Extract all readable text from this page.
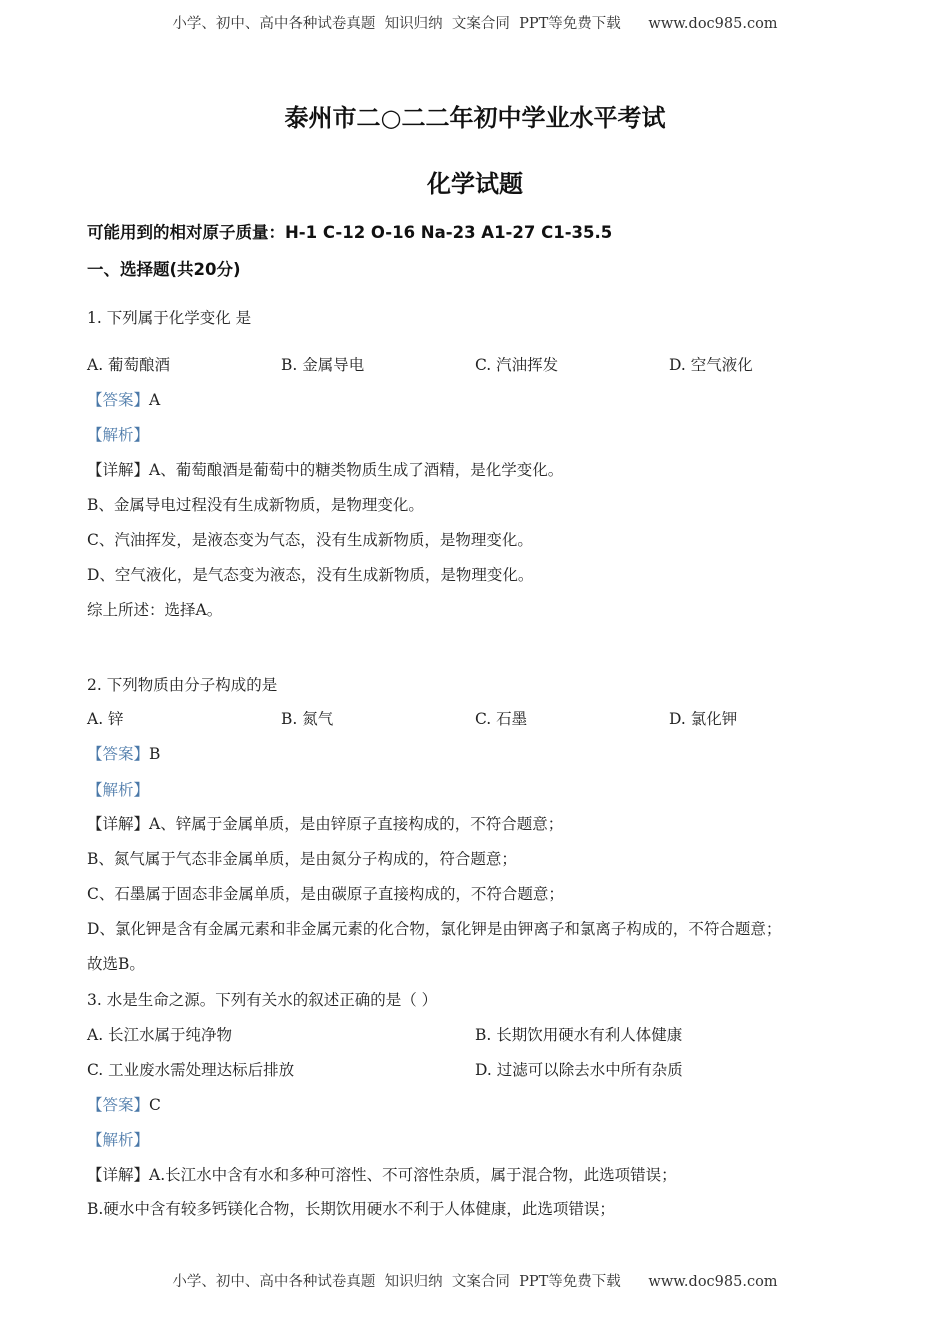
小学、初中、高中各种试卷真题  知识归纳  文案合同  PPT等免费下载      www.doc985.com
泰州市二○二二年初中学业水平考试
化学试题
可能用到的相对原子质量：H-1 C-12 O-16 Na-23 A1-27 C1-35.5
一、选择题(共20分)
1. 下列属于化学变化 是
A. 葡萄酿酒	B. 金属导电	C. 汽油挥发	D. 空气液化
【答案】A
【解析】
【详解】A、葡萄酿酒是葡萄中的糖类物质生成了酒精，是化学变化。
B、金属导电过程没有生成新物质，是物理变化。
C、汽油挥发，是液态变为气态，没有生成新物质，是物理变化。
D、空气液化，是气态变为液态，没有生成新物质，是物理变化。
综上所述：选择A。
2. 下列物质由分子构成的是
A. 锌	B. 氮气	C. 石墨	D. 氯化钾
【答案】B
【解析】
【详解】A、锌属于金属单质，是由锌原子直接构成的，不符合题意；
B、氮气属于气态非金属单质，是由氮分子构成的，符合题意；
C、石墨属于固态非金属单质，是由碳原子直接构成的，不符合题意；
D、氯化钾是含有金属元素和非金属元素的化合物，氯化钾是由钾离子和氯离子构成的，不符合题意；
故选B。
3. 水是生命之源。下列有关水的叙述正确的是（ ）
A. 长江水属于纯净物	B. 长期饮用硬水有利人体健康
C. 工业废水需处理达标后排放	D. 过滤可以除去水中所有杂质
【答案】C
【解析】
【详解】A.长江水中含有水和多种可溶性、不可溶性杂质，属于混合物，此选项错误；
B.硬水中含有较多钙镁化合物，长期饮用硬水不利于人体健康，此选项错误；
小学、初中、高中各种试卷真题  知识归纳  文案合同  PPT等免费下载      www.doc985.com
